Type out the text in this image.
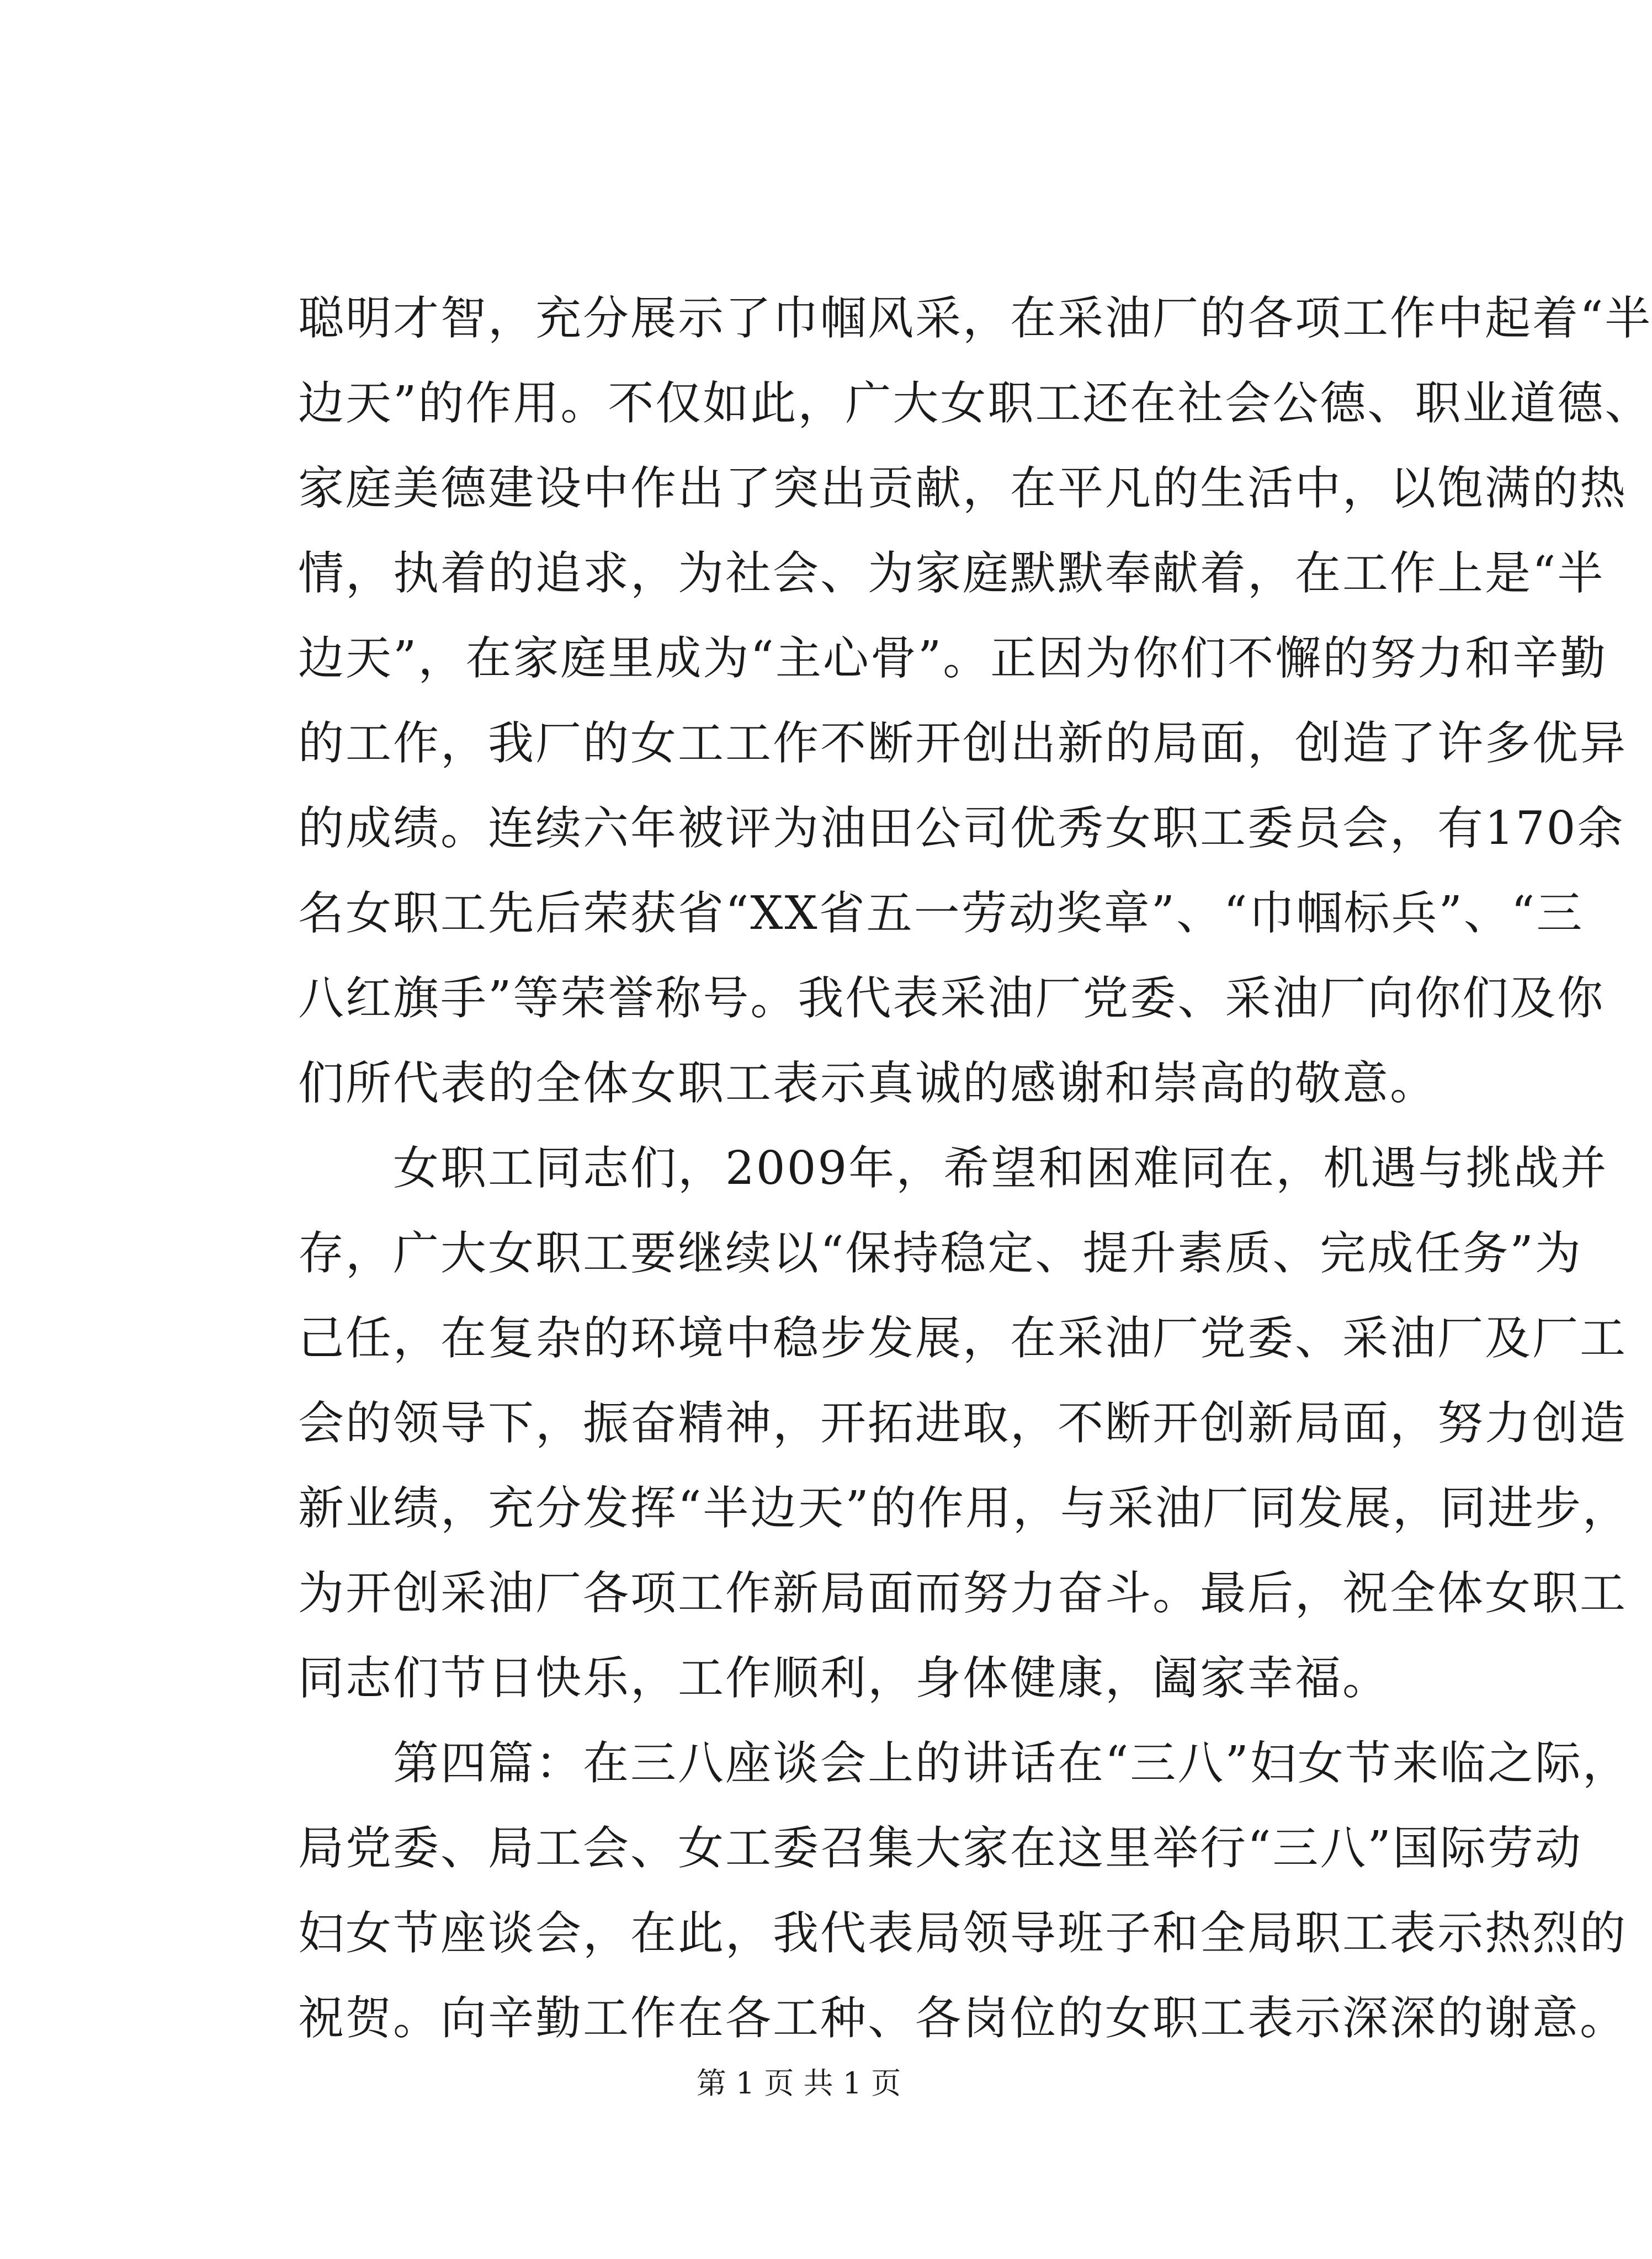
聪明才智，充分展示了巾帼风采，在采油厂的各项工作中起着“半
边天”的作用。不仅如此，广大女职工还在社会公德、职业道德、
家庭美德建设中作出了突出贡献，在平凡的生活中，以饱满的热
情，执着的追求，为社会、为家庭默默奉献着，在工作上是“半
边天”，在家庭里成为“主心骨”。正因为你们不懈的努力和辛勤
的工作，我厂的女工工作不断开创出新的局面，创造了许多优异
的成绩。连续六年被评为油田公司优秀女职工委员会，有170余
名女职工先后荣获省“XX省五一劳动奖章”、“巾帼标兵”、“三
八红旗手”等荣誉称号。我代表采油厂党委、采油厂向你们及你
们所代表的全体女职工表示真诚的感谢和崇高的敬意。
　　女职工同志们，2009年，希望和困难同在，机遇与挑战并
存，广大女职工要继续以“保持稳定、提升素质、完成任务”为
己任，在复杂的环境中稳步发展，在采油厂党委、采油厂及厂工
会的领导下，振奋精神，开拓进取，不断开创新局面，努力创造
新业绩，充分发挥“半边天”的作用，与采油厂同发展，同进步，
为开创采油厂各项工作新局面而努力奋斗。最后，祝全体女职工
同志们节日快乐，工作顺利，身体健康，阖家幸福。
　　第四篇：在三八座谈会上的讲话在“三八”妇女节来临之际，
局党委、局工会、女工委召集大家在这里举行“三八”国际劳动
妇女节座谈会，在此，我代表局领导班子和全局职工表示热烈的
祝贺。向辛勤工作在各工种、各岗位的女职工表示深深的谢意。
第 1 页 共 1 页
